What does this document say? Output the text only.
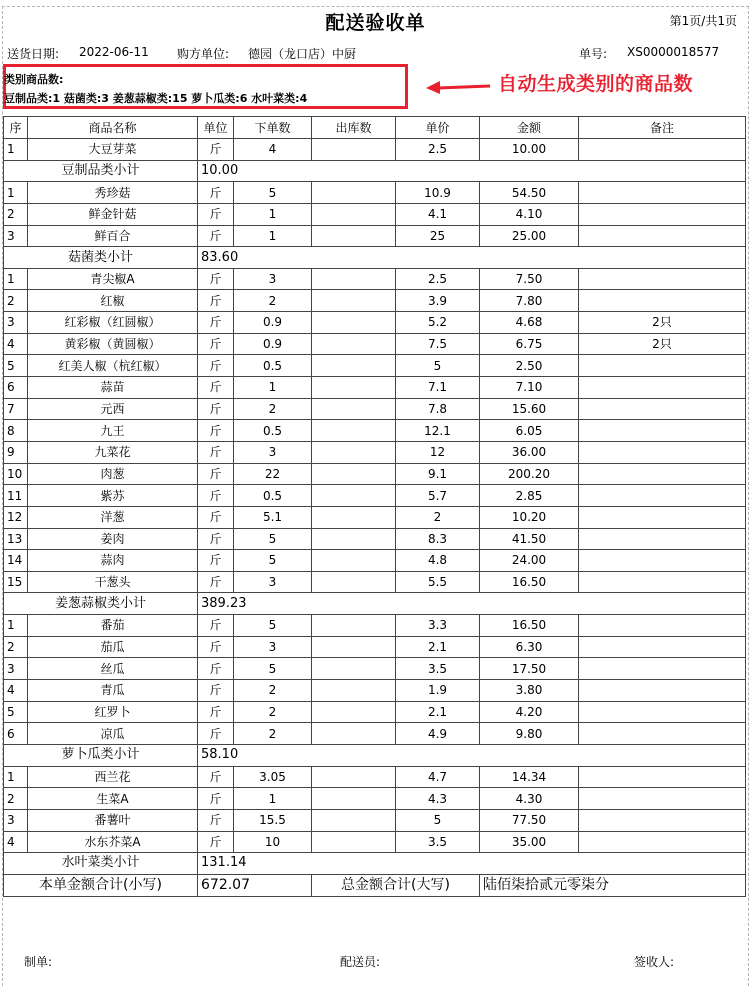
配送验收单	第1页/共1页
送货日期: 2022-06-11 购方单位: 德园（龙口店）中厨	单号: XS0000018577
类别商品数:
豆制品类:1 菇菌类:3 姜葱蒜椒类:15 萝卜瓜类:6 水叶菜类:4
自动生成类别的商品数
序	商品名称	单位	下单数	出库数	单价	金额	备注
1	大豆芽菜	斤	4		2.5	10.00	
豆制品类小计		10.00					
1	秀珍菇	斤	5		10.9	54.50	
2	鲜金针菇	斤	1		4.1	4.10	
3	鲜百合	斤	1		25	25.00	
菇菌类小计		83.60					
1	青尖椒A	斤	3		2.5	7.50	
2	红椒	斤	2		3.9	7.80	
3	红彩椒（红圆椒）	斤	0.9		5.2	4.68	2只
4	黄彩椒（黄圆椒）	斤	0.9		7.5	6.75	2只
5	红美人椒（杭红椒）	斤	0.5		5	2.50	
6	蒜苗	斤	1		7.1	7.10	
7	元西	斤	2		7.8	15.60	
8	九王	斤	0.5		12.1	6.05	
9	九菜花	斤	3		12	36.00	
10	肉葱	斤	22		9.1	200.20	
11	紫苏	斤	0.5		5.7	2.85	
12	洋葱	斤	5.1		2	10.20	
13	姜肉	斤	5		8.3	41.50	
14	蒜肉	斤	5		4.8	24.00	
15	干葱头	斤	3		5.5	16.50	
姜葱蒜椒类小计		389.23					
1	番茄	斤	5		3.3	16.50	
2	茄瓜	斤	3		2.1	6.30	
3	丝瓜	斤	5		3.5	17.50	
4	青瓜	斤	2		1.9	3.80	
5	红罗卜	斤	2		2.1	4.20	
6	凉瓜	斤	2		4.9	9.80	
萝卜瓜类小计		58.10					
1	西兰花	斤	3.05		4.7	14.34	
2	生菜A	斤	1		4.3	4.30	
3	番薯叶	斤	15.5		5	77.50	
4	水东芥菜A	斤	10		3.5	35.00	
水叶菜类小计		131.14					
本单金额合计(小写)		672.07		总金额合计(大写)		陆佰柒拾贰元零柒分	
制单:	配送员:	签收人:
